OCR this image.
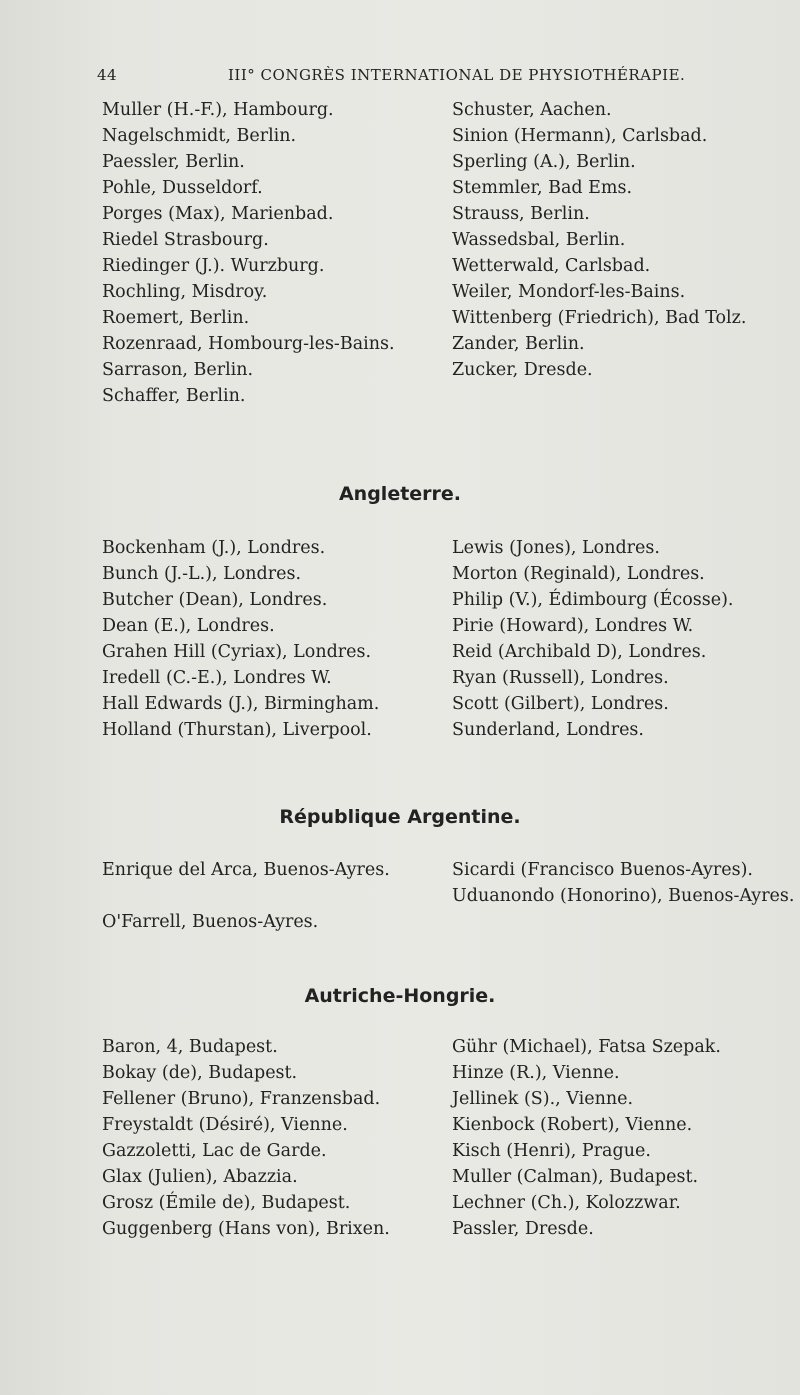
44	III° CONGRÈS INTERNATIONAL DE PHYSIOTHÉRAPIE.
Muller (H.-F.), Hambourg.
Nagelschmidt, Berlin.
Paessler, Berlin.
Pohle, Dusseldorf.
Porges (Max), Marienbad.
Riedel Strasbourg.
Riedinger (J.). Wurzburg.
Rochling, Misdroy.
Roemert, Berlin.
Rozenraad, Hombourg-les-Bains.
Sarrason, Berlin.
Schaffer, Berlin.
Schuster, Aachen.
Sinion (Hermann), Carlsbad.
Sperling (A.), Berlin.
Stemmler, Bad Ems.
Strauss, Berlin.
Wassedsbal, Berlin.
Wetterwald, Carlsbad.
Weiler, Mondorf-les-Bains.
Wittenberg (Friedrich), Bad Tolz.
Zander, Berlin.
Zucker, Dresde.
Angleterre.
Bockenham (J.), Londres.
Bunch (J.-L.), Londres.
Butcher (Dean), Londres.
Dean (E.), Londres.
Grahen Hill (Cyriax), Londres.
Iredell (C.-E.), Londres W.
Hall Edwards (J.), Birmingham.
Holland (Thurstan), Liverpool.
Lewis (Jones), Londres.
Morton (Reginald), Londres.
Philip (V.), Édimbourg (Écosse).
Pirie (Howard), Londres W.
Reid (Archibald D), Londres.
Ryan (Russell), Londres.
Scott (Gilbert), Londres.
Sunderland, Londres.
République Argentine.

Enrique del Arca, Buenos-Ayres.

O'Farrell, Buenos-Ayres.

Sicardi (Francisco Buenos-Ayres).

Uduanondo (Honorino), Buenos-Ayres.

Autriche-Hongrie.
Baron, 4, Budapest.
Bokay (de), Budapest.
Fellener (Bruno), Franzensbad.
Freystaldt (Désiré), Vienne.
Gazzoletti, Lac de Garde.
Glax (Julien), Abazzia.
Grosz (Émile de), Budapest.
Guggenberg (Hans von), Brixen.
Gühr (Michael), Fatsa Szepak.
Hinze (R.), Vienne.
Jellinek (S)., Vienne.
Kienbock (Robert), Vienne.
Kisch (Henri), Prague.
Muller (Calman), Budapest.
Lechner (Ch.), Kolozzwar.
Passler, Dresde.
